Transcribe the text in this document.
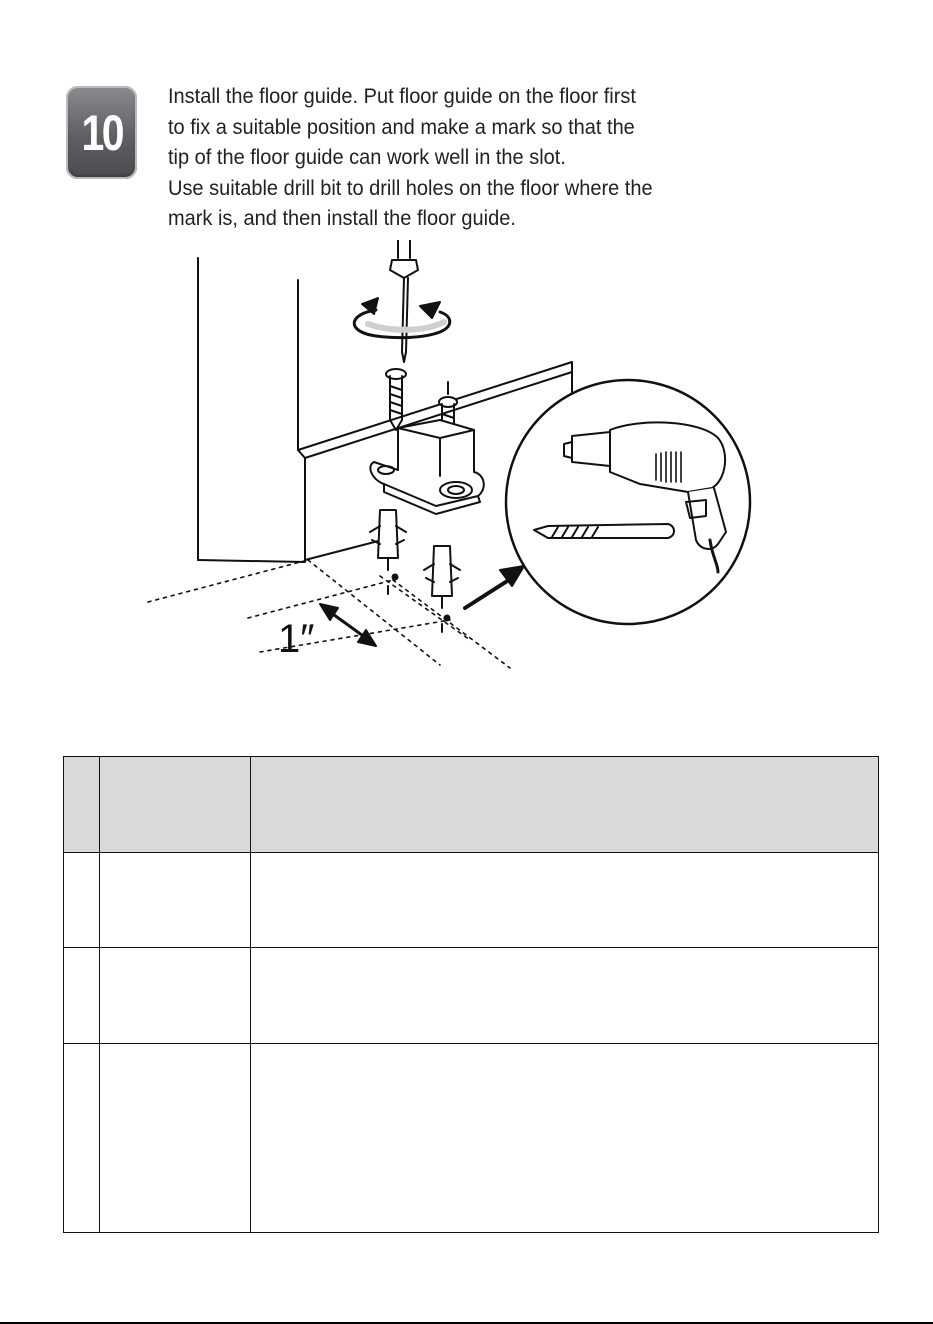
10

Install the floor guide. Put floor guide on the floor first

to fix a suitable position and make a mark so that the

tip of the floor guide can work well in the slot.

Use suitable drill bit to drill holes on the floor where the

mark is, and then install the floor guide.

1″
